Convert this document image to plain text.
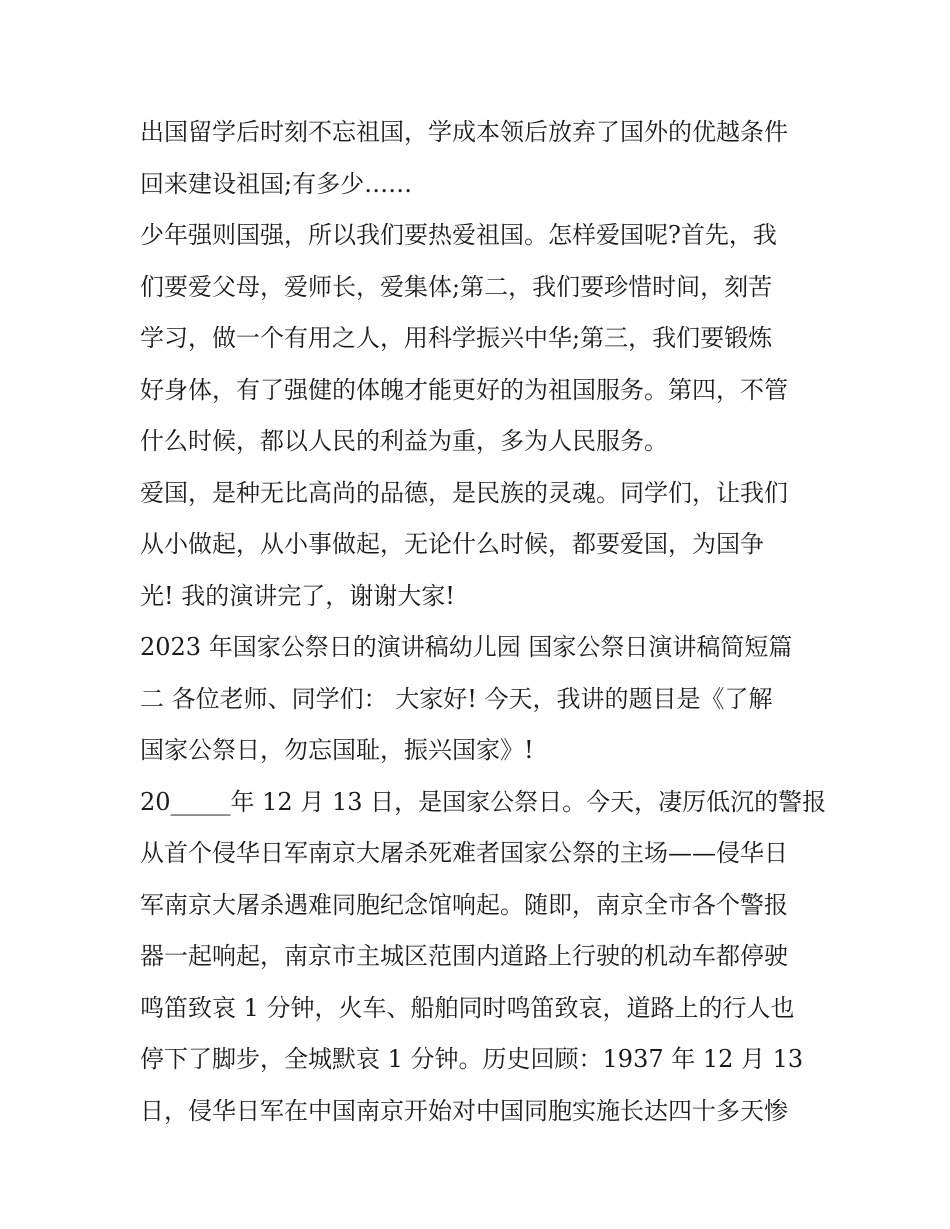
出国留学后时刻不忘祖国，学成本领后放弃了国外的优越条件
回来建设祖国;有多少……
少年强则国强，所以我们要热爱祖国。怎样爱国呢?首先，我
们要爱父母，爱师长，爱集体;第二，我们要珍惜时间，刻苦
学习，做一个有用之人，用科学振兴中华;第三，我们要锻炼
好身体，有了强健的体魄才能更好的为祖国服务。第四，不管
什么时候，都以人民的利益为重，多为人民服务。
爱国，是种无比高尚的品德，是民族的灵魂。同学们，让我们
从小做起，从小事做起，无论什么时候，都要爱国，为国争
光! 我的演讲完了，谢谢大家!
2023 年国家公祭日的演讲稿幼儿园 国家公祭日演讲稿简短篇
二 各位老师、同学们： 大家好! 今天，我讲的题目是《了解
国家公祭日，勿忘国耻，振兴国家》!
20_____年 12 月 13 日，是国家公祭日。今天，凄厉低沉的警报
从首个侵华日军南京大屠杀死难者国家公祭的主场——侵华日
军南京大屠杀遇难同胞纪念馆响起。随即，南京全市各个警报
器一起响起，南京市主城区范围内道路上行驶的机动车都停驶
鸣笛致哀 1 分钟，火车、船舶同时鸣笛致哀，道路上的行人也
停下了脚步，全城默哀 1 分钟。历史回顾：1937 年 12 月 13
日，侵华日军在中国南京开始对中国同胞实施长达四十多天惨
